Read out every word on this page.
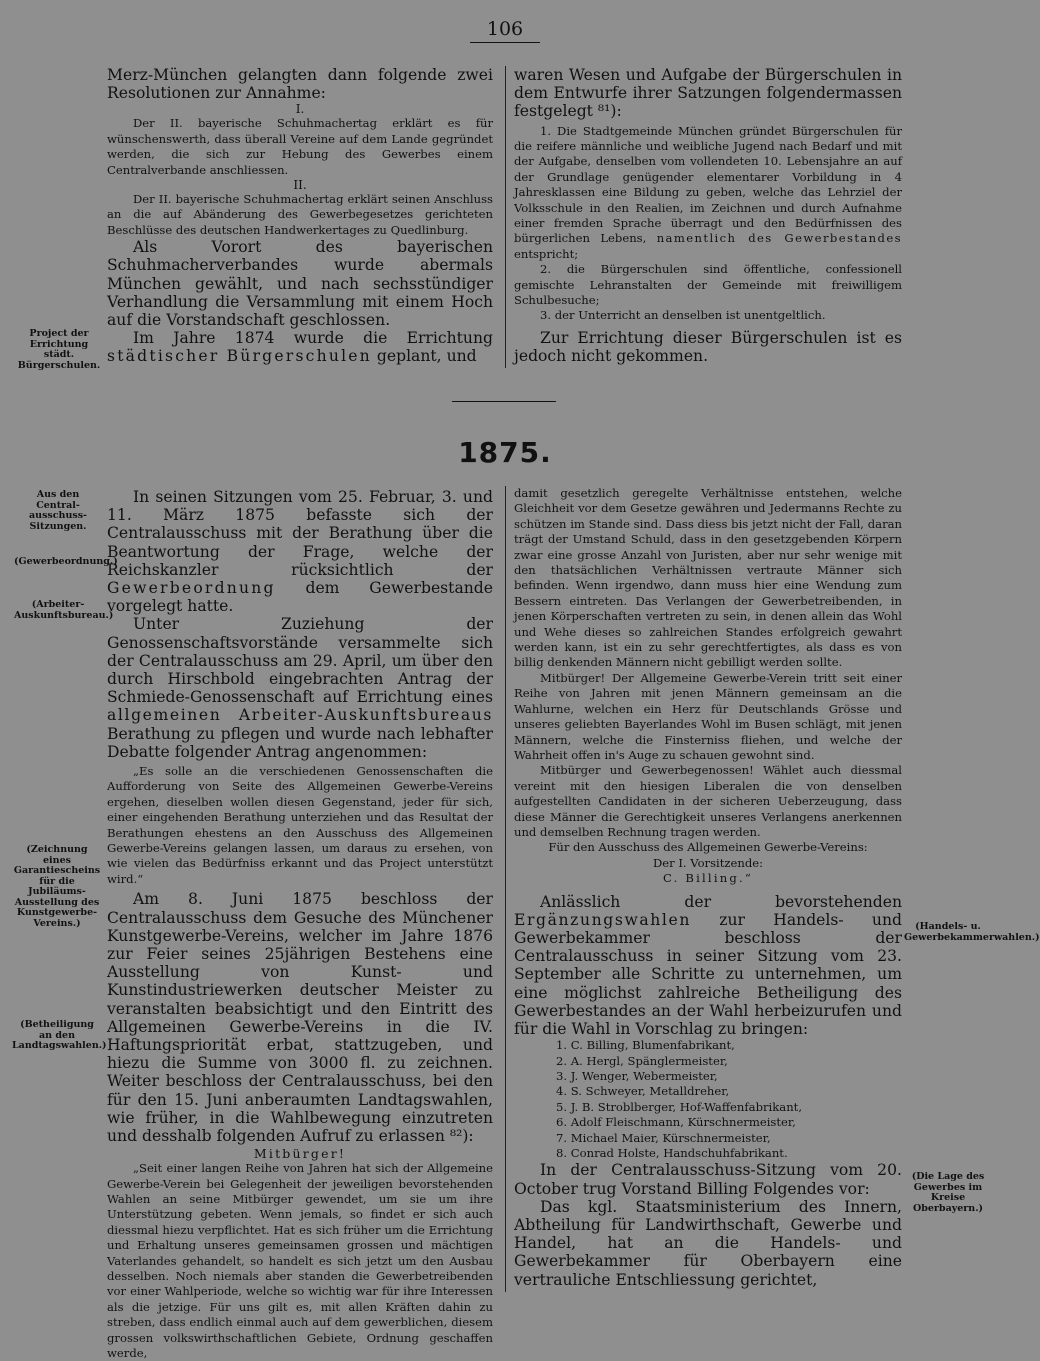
106

Merz-München gelangten dann folgende zwei Resolutionen zur Annahme:

I.

Der II. bayerische Schuhmachertag erklärt es für wünschenswerth, dass überall Vereine auf dem Lande gegründet werden, die sich zur Hebung des Gewerbes einem Centralverbande anschliessen.

II.

Der II. bayerische Schuhmachertag erklärt seinen Anschluss an die auf Abänderung des Gewerbegesetzes gerichteten Beschlüsse des deutschen Handwerkertages zu Quedlinburg.

Als Vorort des bayerischen Schuhmacherverbandes wurde abermals München gewählt, und nach sechsstündiger Verhandlung die Versammlung mit einem Hoch auf die Vorstandschaft geschlossen.

Im Jahre 1874 wurde die Errichtung städtischer Bürgerschulen geplant, und

Project der Errichtung städt. Bürgerschulen.

waren Wesen und Aufgabe der Bürgerschulen in dem Entwurfe ihrer Satzungen folgendermassen festgelegt ⁸¹):

1. Die Stadtgemeinde München gründet Bürgerschulen für die reifere männliche und weibliche Jugend nach Bedarf und mit der Aufgabe, denselben vom vollendeten 10. Lebensjahre an auf der Grundlage genügender elementarer Vorbildung in 4 Jahresklassen eine Bildung zu geben, welche das Lehrziel der Volksschule in den Realien, im Zeichnen und durch Aufnahme einer fremden Sprache überragt und den Bedürfnissen des bürgerlichen Lebens, namentlich des Gewerbestandes entspricht;

2. die Bürgerschulen sind öffentliche, confessionell gemischte Lehranstalten der Gemeinde mit freiwilligem Schulbesuche;

3. der Unterricht an denselben ist unentgeltlich.

Zur Errichtung dieser Bürgerschulen ist es jedoch nicht gekommen.

1875.
Aus den Central-ausschuss-Sitzungen.
(Gewerbeordnung.)
(Arbeiter-Auskunftsbureau.)
(Zeichnung eines Garantiescheins für die Jubiläums-Ausstellung des Kunstgewerbe-Vereins.)
(Betheiligung an den Landtagswahlen.)

In seinen Sitzungen vom 25. Februar, 3. und 11. März 1875 befasste sich der Centralausschuss mit der Berathung über die Beantwortung der Frage, welche der Reichskanzler rücksichtlich der Gewerbeordnung dem Gewerbestande vorgelegt hatte.

Unter Zuziehung der Genossenschaftsvorstände versammelte sich der Centralausschuss am 29. April, um über den durch Hirschbold eingebrachten Antrag der Schmiede-Genossenschaft auf Errichtung eines allgemeinen Arbeiter-Auskunftsbureaus Berathung zu pflegen und wurde nach lebhafter Debatte folgender Antrag angenommen:

„Es solle an die verschiedenen Genossenschaften die Aufforderung von Seite des Allgemeinen Gewerbe-Vereins ergehen, dieselben wollen diesen Gegenstand, jeder für sich, einer eingehenden Berathung unterziehen und das Resultat der Berathungen ehestens an den Ausschuss des Allgemeinen Gewerbe-Vereins gelangen lassen, um daraus zu ersehen, von wie vielen das Bedürfniss erkannt und das Project unterstützt wird.“

Am 8. Juni 1875 beschloss der Centralausschuss dem Gesuche des Münchener Kunstgewerbe-Vereins, welcher im Jahre 1876 zur Feier seines 25jährigen Bestehens eine Ausstellung von Kunst- und Kunstindustriewerken deutscher Meister zu veranstalten beabsichtigt und den Eintritt des Allgemeinen Gewerbe-Vereins in die IV. Haftungspriorität erbat, stattzugeben, und hiezu die Summe von 3000 fl. zu zeichnen. Weiter beschloss der Centralausschuss, bei den für den 15. Juni anberaumten Landtagswahlen, wie früher, in die Wahlbewegung einzutreten und desshalb folgenden Aufruf zu erlassen ⁸²):

Mitbürger!

„Seit einer langen Reihe von Jahren hat sich der Allgemeine Gewerbe-Verein bei Gelegenheit der jeweiligen bevorstehenden Wahlen an seine Mitbürger gewendet, um sie um ihre Unterstützung gebeten. Wenn jemals, so findet er sich auch diessmal hiezu verpflichtet. Hat es sich früher um die Errichtung und Erhaltung unseres gemeinsamen grossen und mächtigen Vaterlandes gehandelt, so handelt es sich jetzt um den Ausbau desselben. Noch niemals aber standen die Gewerbetreibenden vor einer Wahlperiode, welche so wichtig war für ihre Interessen als die jetzige. Für uns gilt es, mit allen Kräften dahin zu streben, dass endlich einmal auch auf dem gewerblichen, diesem grossen volkswirthschaftlichen Gebiete, Ordnung geschaffen werde,
damit gesetzlich geregelte Verhältnisse entstehen, welche Gleichheit vor dem Gesetze gewähren und Jedermanns Rechte zu schützen im Stande sind. Dass diess bis jetzt nicht der Fall, daran trägt der Umstand Schuld, dass in den gesetzgebenden Körpern zwar eine grosse Anzahl von Juristen, aber nur sehr wenige mit den thatsächlichen Verhältnissen vertraute Männer sich befinden. Wenn irgendwo, dann muss hier eine Wendung zum Bessern eintreten. Das Verlangen der Gewerbetreibenden, in jenen Körperschaften vertreten zu sein, in denen allein das Wohl und Wehe dieses so zahlreichen Standes erfolgreich gewahrt werden kann, ist ein zu sehr gerechtfertigtes, als dass es von billig denkenden Männern nicht gebilligt werden sollte.
Mitbürger! Der Allgemeine Gewerbe-Verein tritt seit einer Reihe von Jahren mit jenen Männern gemeinsam an die Wahlurne, welchen ein Herz für Deutschlands Grösse und unseres geliebten Bayerlandes Wohl im Busen schlägt, mit jenen Männern, welche die Finsterniss fliehen, und welche der Wahrheit offen in's Auge zu schauen gewohnt sind.
Mitbürger und Gewerbegenossen! Wählet auch diessmal vereint mit den hiesigen Liberalen die von denselben aufgestellten Candidaten in der sicheren Ueberzeugung, dass diese Männer die Gerechtigkeit unseres Verlangens anerkennen und demselben Rechnung tragen werden.
Für den Ausschuss des Allgemeinen Gewerbe-Vereins:
Der I. Vorsitzende:
C. Billing.“

Anlässlich der bevorstehenden Ergänzungswahlen zur Handels- und Gewerbekammer beschloss der Centralausschuss in seiner Sitzung vom 23. September alle Schritte zu unternehmen, um eine möglichst zahlreiche Betheiligung des Gewerbestandes an der Wahl herbeizurufen und für die Wahl in Vorschlag zu bringen:

1. C. Billing, Blumenfabrikant,
2. A. Hergl, Spänglermeister,
3. J. Wenger, Webermeister,
4. S. Schweyer, Metalldreher,
5. J. B. Stroblberger, Hof-Waffenfabrikant,
6. Adolf Fleischmann, Kürschnermeister,
7. Michael Maier, Kürschnermeister,
8. Conrad Holste, Handschuhfabrikant.

In der Centralausschuss-Sitzung vom 20. October trug Vorstand Billing Folgendes vor:

Das kgl. Staatsministerium des Innern, Abtheilung für Landwirthschaft, Gewerbe und Handel, hat an die Handels- und Gewerbekammer für Oberbayern eine vertrauliche Entschliessung gerichtet,

(Handels- u. Gewerbekammerwahlen.)
(Die Lage des Gewerbes im Kreise Oberbayern.)
